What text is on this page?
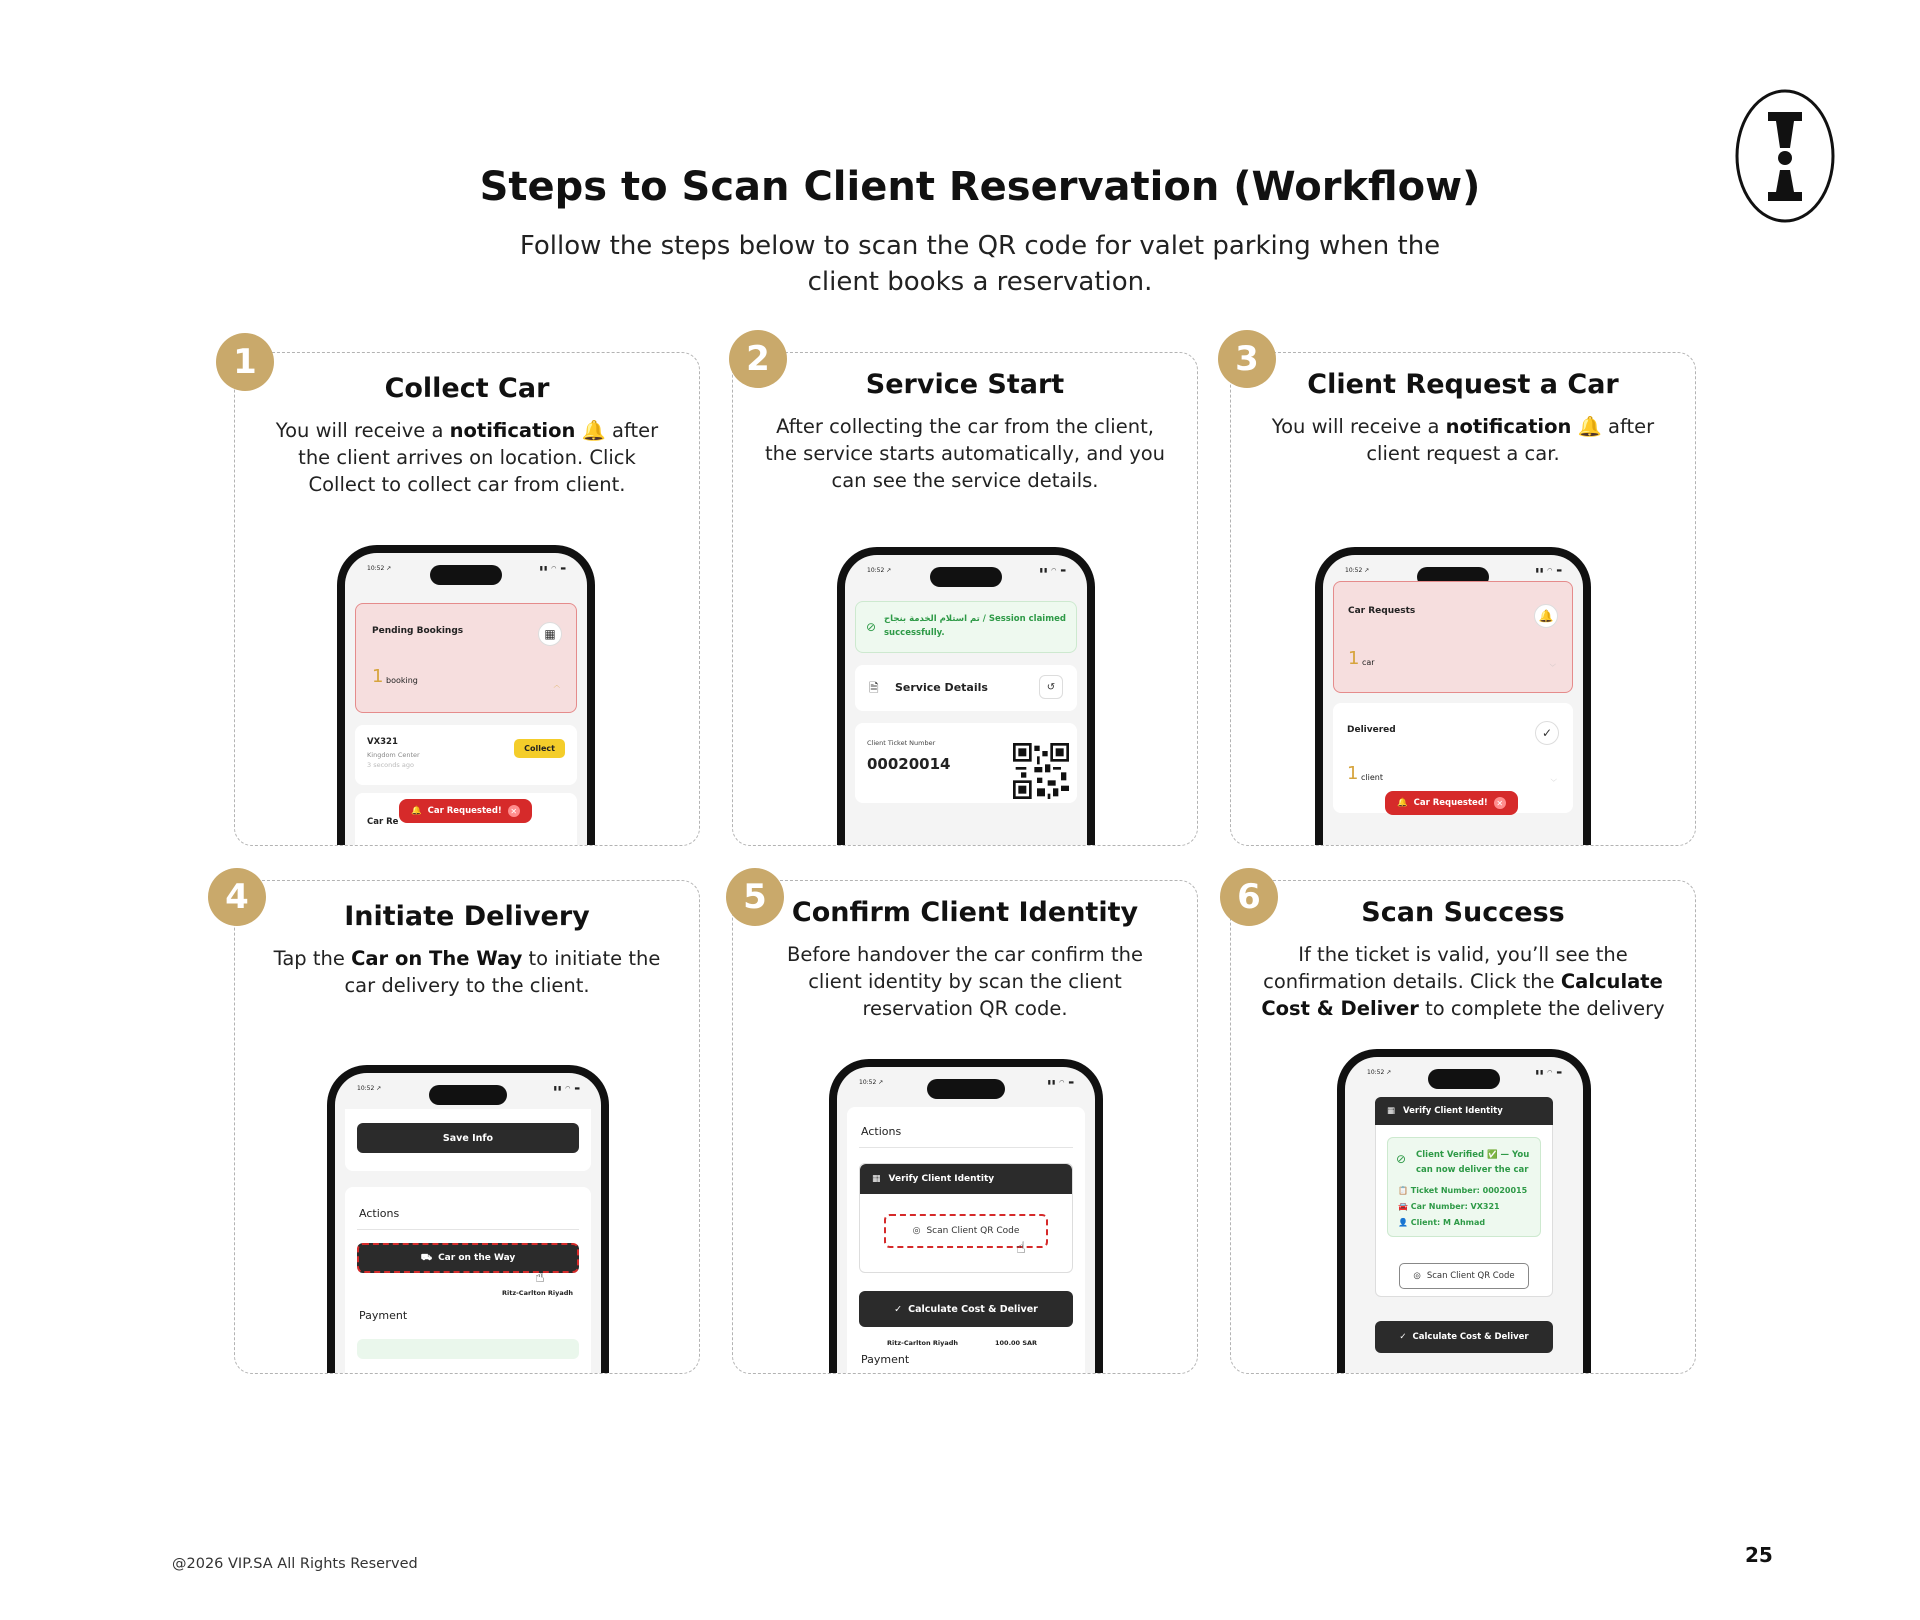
Steps to Scan Client Reservation (Workflow)

Follow the steps below to scan the QR code for valet parking when the client books a reservation.

Collect Car
You will receive a notification 🔔 after the client arrives on location. Click Collect to collect car from client.
10:52 ↗	▮▮ ◠ ▬
Pending Bookings	▦
1 booking	︿
VX321
Kingdom Center
3 seconds ago
Collect
Car Re
🔔 Car Requested!	✕
1
Service Start
After collecting the car from the client, the service starts automatically, and you can see the service details.
10:52 ↗	▮▮ ◠ ▬
⊘
تم استلام الخدمة بنجاح / Session claimed successfully.
🗎 Service Details	↺
Client Ticket Number
00020014
2
Client Request a Car
You will receive a notification 🔔 after client request a car.
10:52 ↗	▮▮ ◠ ▬
Car Requests	🔔
1 car	﹀
Delivered	✓
1 client	﹀
🔔 Car Requested!	✕
3
Initiate Delivery
Tap the Car on The Way to initiate the car delivery to the client.
10:52 ↗	▮▮ ◠ ▬
Save Info
Actions
⛟ Car on the Way
☝
Ritz-Carlton Riyadh
Payment
4	Confirm Client Identity
Before handover the car confirm the client identity by scan the client reservation QR code.
10:52 ↗	▮▮ ◠ ▬
Actions
▦ Verify Client Identity
◎ Scan Client QR Code
☝
✓ Calculate Cost & Deliver
Ritz-Carlton Riyadh	100.00 SAR
Payment
5	Scan Success
If the ticket is valid, you’ll see the confirmation details. Click the Calculate Cost & Deliver to complete the delivery
10:52 ↗	▮▮ ◠ ▬
▦ Verify Client Identity
⊘ Client Verified ✅ — You can now deliver the car
📋 Ticket Number: 00020015
🚘 Car Number: VX321
👤 Client: M Ahmad
◎ Scan Client QR Code
✓ Calculate Cost & Deliver
6
@2026 VIP.SA All Rights Reserved	25
